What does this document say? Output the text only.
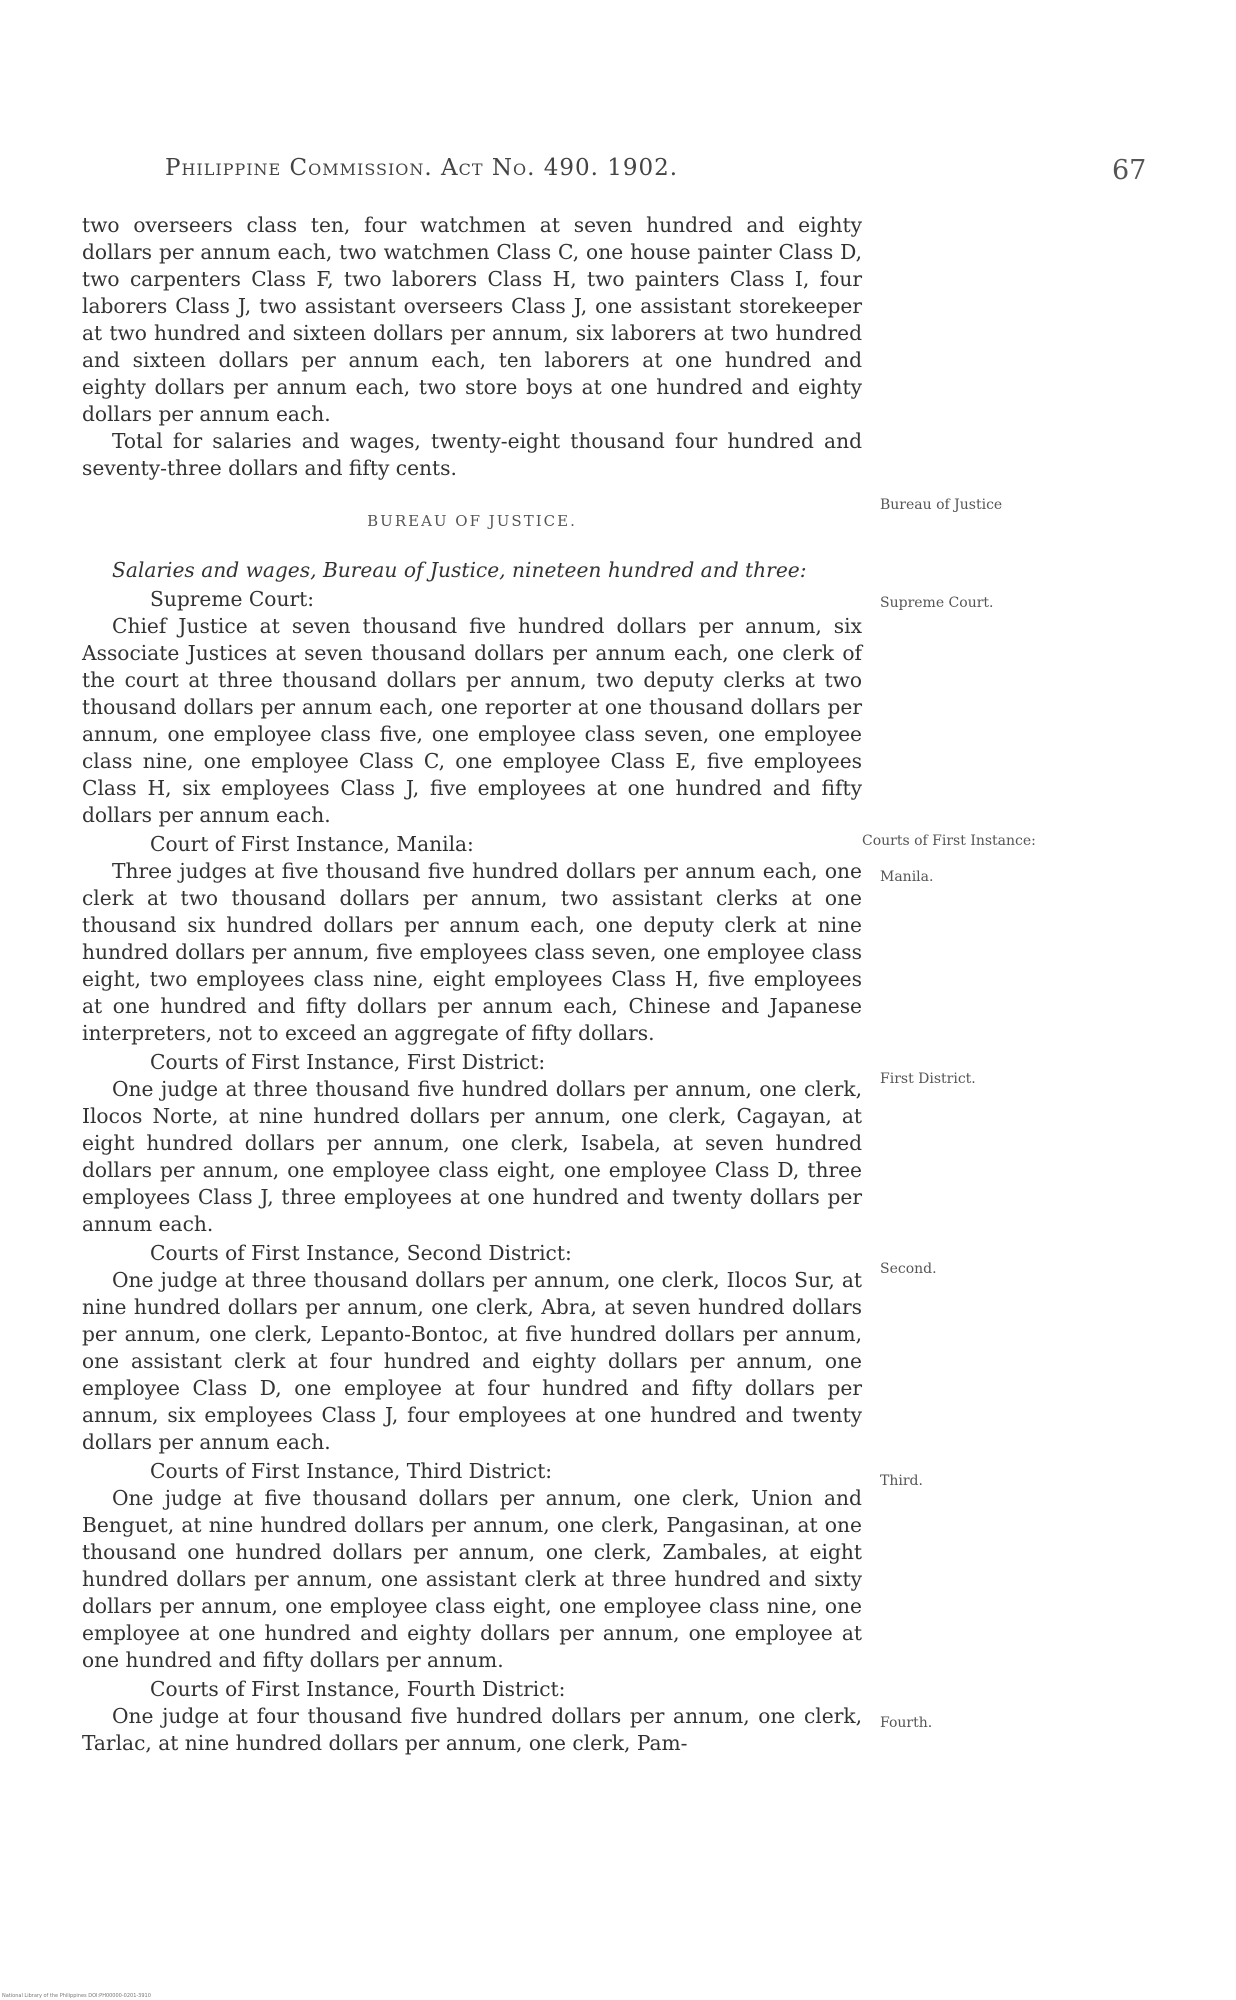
Philippine Commission. Act No. 490. 1902.	67

two overseers class ten, four watchmen at seven hundred and eighty dollars per annum each, two watchmen Class C, one house painter Class D, two carpenters Class F, two laborers Class H, two painters Class I, four laborers Class J, two assistant overseers Class J, one assistant storekeeper at two hundred and sixteen dollars per annum, six laborers at two hundred and sixteen dollars per annum each, ten laborers at one hundred and eighty dollars per annum each, two store boys at one hundred and eighty dollars per annum each.

Total for salaries and wages, twenty-eight thousand four hundred and seventy-three dollars and fifty cents.

BUREAU OF JUSTICE.

Salaries and wages, Bureau of Justice, nineteen hundred and three:

Supreme Court:

Chief Justice at seven thousand five hundred dollars per annum, six Associate Justices at seven thousand dollars per annum each, one clerk of the court at three thousand dollars per annum, two deputy clerks at two thousand dollars per annum each, one reporter at one thousand dollars per annum, one employee class five, one employee class seven, one employee class nine, one employee Class C, one employee Class E, five employees Class H, six employees Class J, five employees at one hundred and fifty dollars per annum each.

Court of First Instance, Manila:

Three judges at five thousand five hundred dollars per annum each, one clerk at two thousand dollars per annum, two assistant clerks at one thousand six hundred dollars per annum each, one deputy clerk at nine hundred dollars per annum, five employees class seven, one employee class eight, two employees class nine, eight employees Class H, five employees at one hundred and fifty dollars per annum each, Chinese and Japanese interpreters, not to exceed an aggregate of fifty dollars.

Courts of First Instance, First District:

One judge at three thousand five hundred dollars per annum, one clerk, Ilocos Norte, at nine hundred dollars per annum, one clerk, Cagayan, at eight hundred dollars per annum, one clerk, Isabela, at seven hundred dollars per annum, one employee class eight, one employee Class D, three employees Class J, three employees at one hundred and twenty dollars per annum each.

Courts of First Instance, Second District:

One judge at three thousand dollars per annum, one clerk, Ilocos Sur, at nine hundred dollars per annum, one clerk, Abra, at seven hundred dollars per annum, one clerk, Lepanto-Bontoc, at five hundred dollars per annum, one assistant clerk at four hundred and eighty dollars per annum, one employee Class D, one employee at four hundred and fifty dollars per annum, six employees Class J, four employees at one hundred and twenty dollars per annum each.

Courts of First Instance, Third District:

One judge at five thousand dollars per annum, one clerk, Union and Benguet, at nine hundred dollars per annum, one clerk, Pangasinan, at one thousand one hundred dollars per annum, one clerk, Zambales, at eight hundred dollars per annum, one assistant clerk at three hundred and sixty dollars per annum, one employee class eight, one employee class nine, one employee at one hundred and eighty dollars per annum, one employee at one hundred and fifty dollars per annum.

Courts of First Instance, Fourth District:

One judge at four thousand five hundred dollars per annum, one clerk, Tarlac, at nine hundred dollars per annum, one clerk, Pam-

Bureau of Justice
Supreme Court.
Courts of First Instance:
Manila.
First District.
Second.
Third.
Fourth.
National Library of the Philippines DOI:PH00000-0201-3910
